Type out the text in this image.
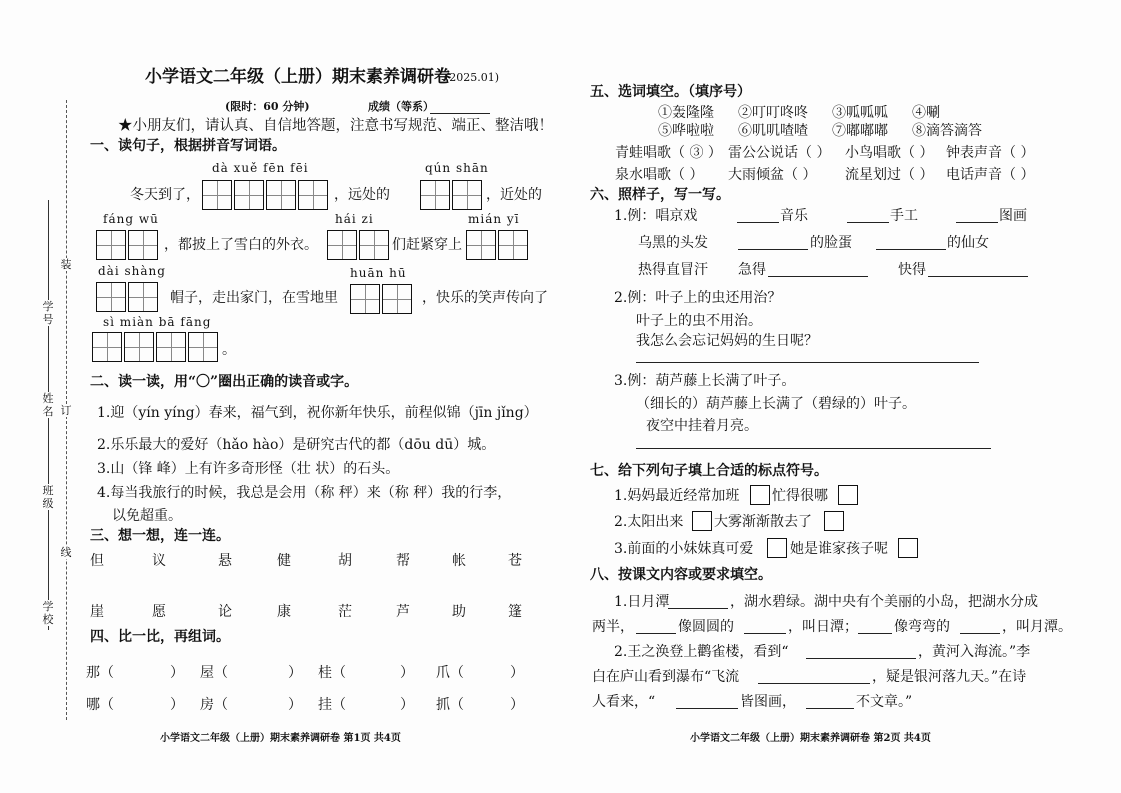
学号
姓名
班级
学校
装
订
线
小学语文二年级（上册）期末素养调研卷
(2025.01)
(限时：60 分钟)	成绩（等系）
★小朋友们，请认真、自信地答题，注意书写规范、端正、整洁哦！
一、读句子，根据拼音写词语。
dà xuě fēn fēi	qún shān
冬天到了，	，远处的	，近处的
fáng wū	hái zi	mián yī
，都披上了雪白的外衣。	们赶紧穿上
dài shàng	huān hū
帽子，走出家门，在雪地里	，快乐的笑声传向了
sì miàn bā fāng
。
二、读一读，用“〇”圈出正确的读音或字。
1.迎（yín yíng）春来，福气到，祝你新年快乐，前程似锦（jīn jǐng）
2.乐乐最大的爱好（hǎo hào）是研究古代的都（dōu dū）城。
3.山（锋 峰）上有许多奇形怪（壮 状）的石头。
4.每当我旅行的时候，我总是会用（称 秤）来（称 秤）我的行李，
以免超重。
三、想一想，连一连。
但	议	悬	健	胡	帮	帐	苍
崖	愿	论	康	茫	芦	助	篷
四、比一比，再组词。
那（	） 屋（	） 桂（	） 爪（	）
哪（	） 房（	） 挂（	） 抓（	）
小学语文二年级（上册）期末素养调研卷 第1页 共4页
五、选词填空。（填序号）
①轰隆隆 ②叮叮咚咚 ③呱呱呱 ④唰
⑤哗啦啦 ⑥叽叽喳喳 ⑦嘟嘟嘟 ⑧滴答滴答
青蛙唱歌（ ③ ） 雷公公说话（ ） 小鸟唱歌（ ） 钟表声音（ ）
泉水唱歌（ ） 大雨倾盆（ ） 流星划过（ ） 电话声音（ ）
六、照样子，写一写。
1.例：唱京戏	音乐	手工	图画
乌黑的头发	的脸蛋	的仙女
热得直冒汗 急得	快得
2.例：叶子上的虫还用治？
叶子上的虫不用治。
我怎么会忘记妈妈的生日呢？
3.例：葫芦藤上长满了叶子。
（细长的）葫芦藤上长满了（碧绿的）叶子。
夜空中挂着月亮。
七、给下列句子填上合适的标点符号。
1.妈妈最近经常加班 忙得很哪
2.太阳出来 大雾渐渐散去了
3.前面的小妹妹真可爱	她是谁家孩子呢
八、按课文内容或要求填空。
1.日月潭	，湖水碧绿。湖中央有个美丽的小岛，把湖水分成
两半，	像圆圆的	，叫日潭；	像弯弯的	，叫月潭。
2.王之涣登上鹳雀楼，看到“	，黄河入海流。”李
白在庐山看到瀑布“飞流	，疑是银河落九天。”在诗
人看来，“	皆图画，	不文章。”
小学语文二年级（上册）期末素养调研卷 第2页 共4页
